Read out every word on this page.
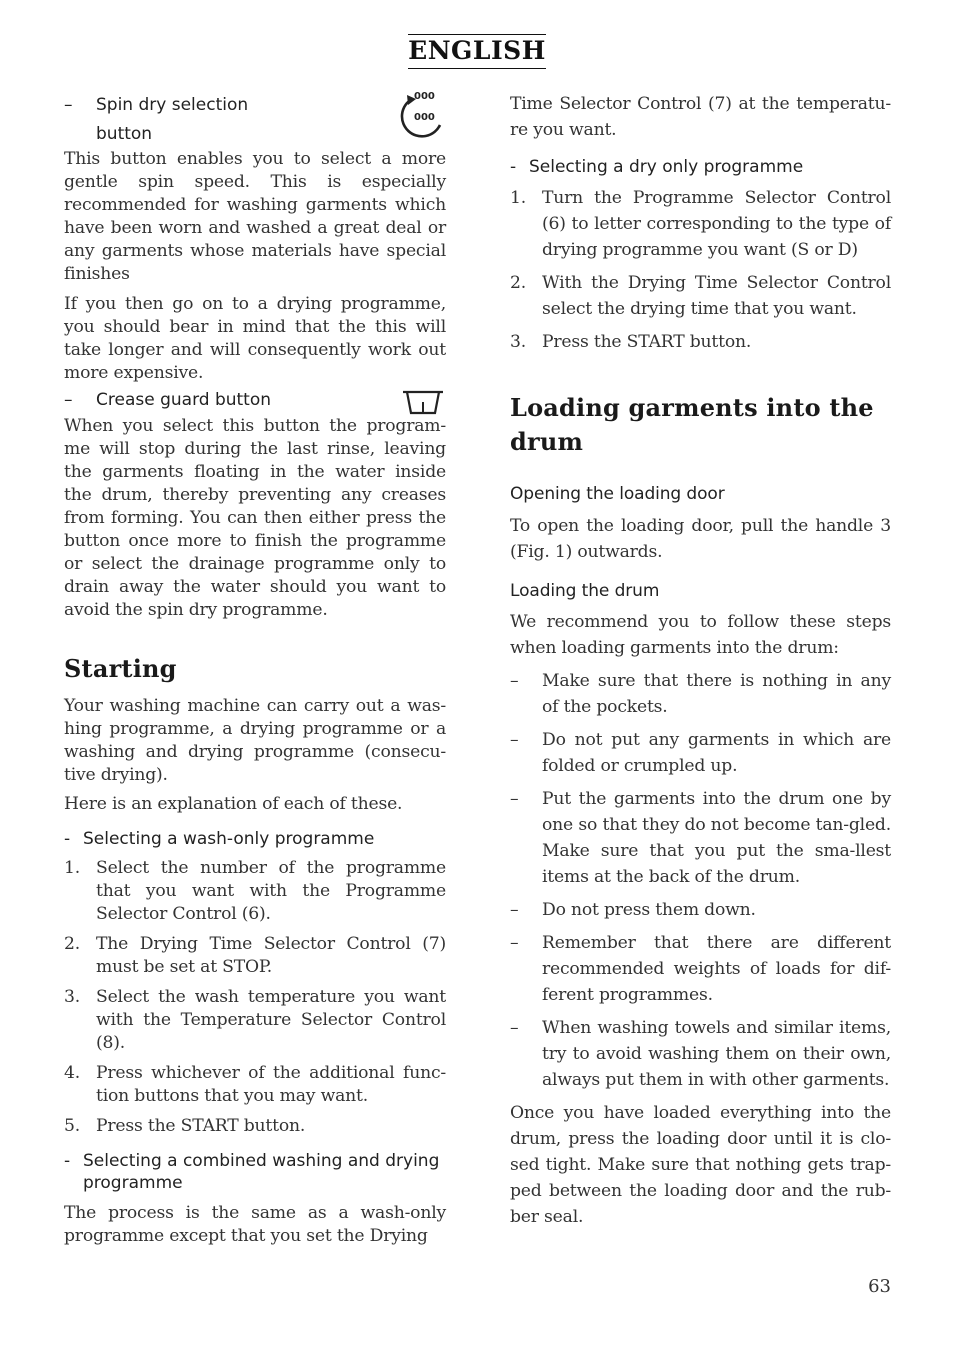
ENGLISH
–	Spin dry selection
button
000
000

This button enables you to select a more gentle spin speed. This is especially recommended for washing garments which have been worn and washed a great deal or any garments whose materials have special finishes

If you then go on to a drying programme, you should bear in mind that the this will take longer and will consequently work out more expensive.

–	Crease guard button

When you select this button the program-me will stop during the last rinse, leaving the garments floating in the water inside the drum, thereby preventing any creases from forming. You can then either press the button once more to finish the programme or select the drainage programme only to drain away the water should you want to avoid the spin dry programme.

Starting

Your washing machine can carry out a was-hing programme, a drying programme or a washing and drying programme (consecu-tive drying).

Here is an explanation of each of these.

- Selecting a wash-only programme
1. Select the number of the programme that you want with the Programme Selector Control (6).
2. The Drying Time Selector Control (7) must be set at STOP.
3. Select the wash temperature you want with the Temperature Selector Control (8).
4. Press whichever of the additional func-tion buttons that you may want.
5. Press the START button.
- Selecting a combined washing and drying programme

The process is the same as a wash-only programme except that you set the Drying

Time Selector Control (7) at the temperatu-re you want.

- Selecting a dry only programme
1. Turn the Programme Selector Control (6) to letter corresponding to the type of drying programme you want (S or D)
2. With the Drying Time Selector Control select the drying time that you want.
3. Press the START button.
Loading garments into the drum
Opening the loading door

To open the loading door, pull the handle 3 (Fig. 1) outwards.

Loading the drum

We recommend you to follow these steps when loading garments into the drum:

– Make sure that there is nothing in any of the pockets.
– Do not put any garments in which are folded or crumpled up.
– Put the garments into the drum one by one so that they do not become tan-gled. Make sure that you put the sma-llest items at the back of the drum.
– Do not press them down.
– Remember that there are different recommended weights of loads for dif-ferent programmes.
– When washing towels and similar items, try to avoid washing them on their own, always put them in with other garments.

Once you have loaded everything into the drum, press the loading door until it is clo-sed tight. Make sure that nothing gets trap-ped between the loading door and the rub-ber seal.

63
